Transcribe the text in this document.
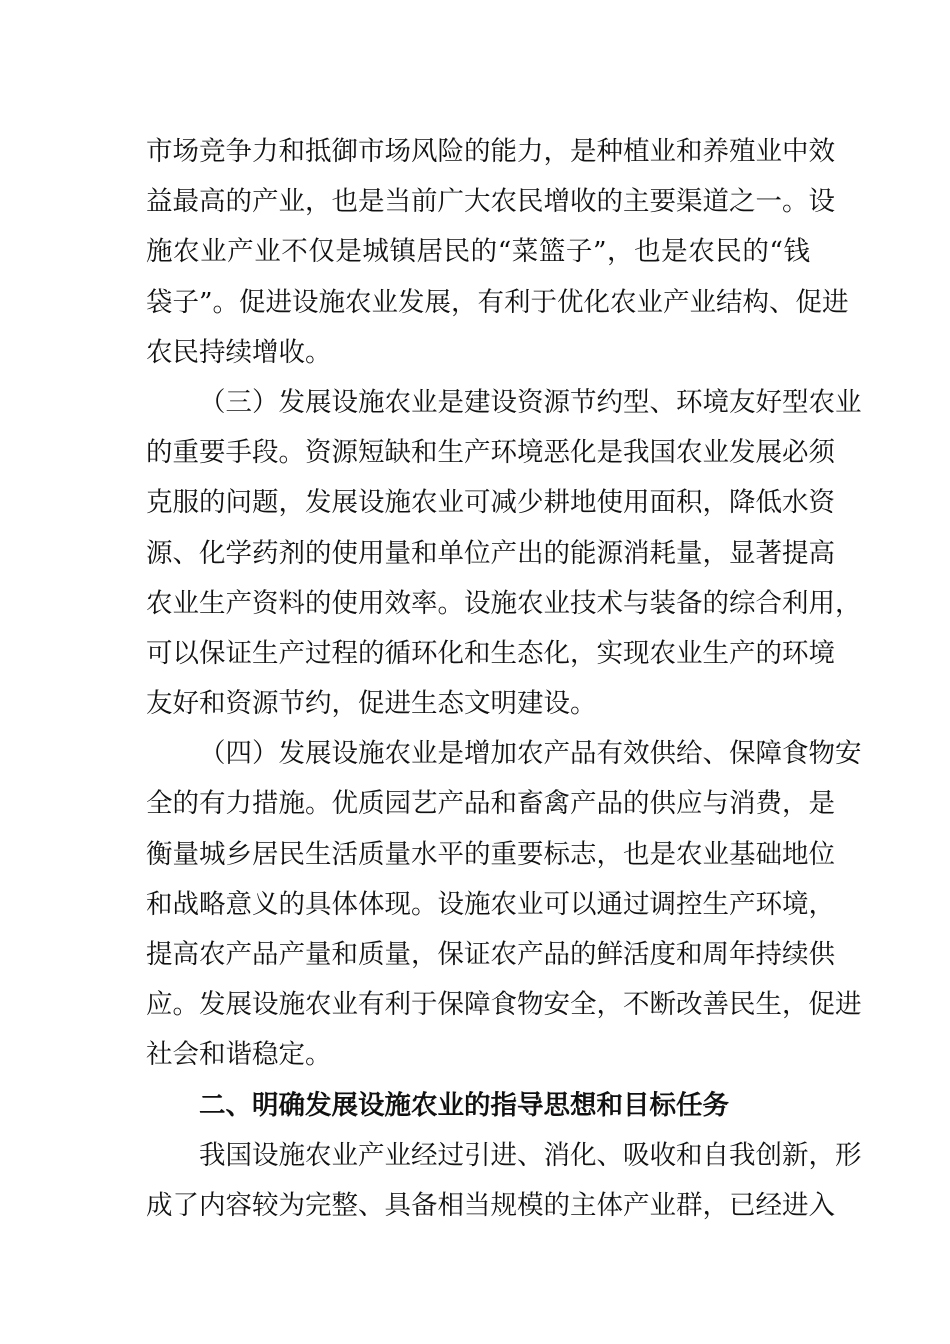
市场竞争力和抵御市场风险的能力，是种植业和养殖业中效
益最高的产业，也是当前广大农民增收的主要渠道之一。设
施农业产业不仅是城镇居民的“菜篮子”，也是农民的“钱
袋子”。促进设施农业发展，有利于优化农业产业结构、促进
农民持续增收。
（三）发展设施农业是建设资源节约型、环境友好型农业
的重要手段。资源短缺和生产环境恶化是我国农业发展必须
克服的问题，发展设施农业可减少耕地使用面积，降低水资
源、化学药剂的使用量和单位产出的能源消耗量，显著提高
农业生产资料的使用效率。设施农业技术与装备的综合利用，
可以保证生产过程的循环化和生态化，实现农业生产的环境
友好和资源节约，促进生态文明建设。
（四）发展设施农业是增加农产品有效供给、保障食物安
全的有力措施。优质园艺产品和畜禽产品的供应与消费，是
衡量城乡居民生活质量水平的重要标志，也是农业基础地位
和战略意义的具体体现。设施农业可以通过调控生产环境，
提高农产品产量和质量，保证农产品的鲜活度和周年持续供
应。发展设施农业有利于保障食物安全，不断改善民生，促进
社会和谐稳定。
二、明确发展设施农业的指导思想和目标任务
我国设施农业产业经过引进、消化、吸收和自我创新，形
成了内容较为完整、具备相当规模的主体产业群，已经进入
